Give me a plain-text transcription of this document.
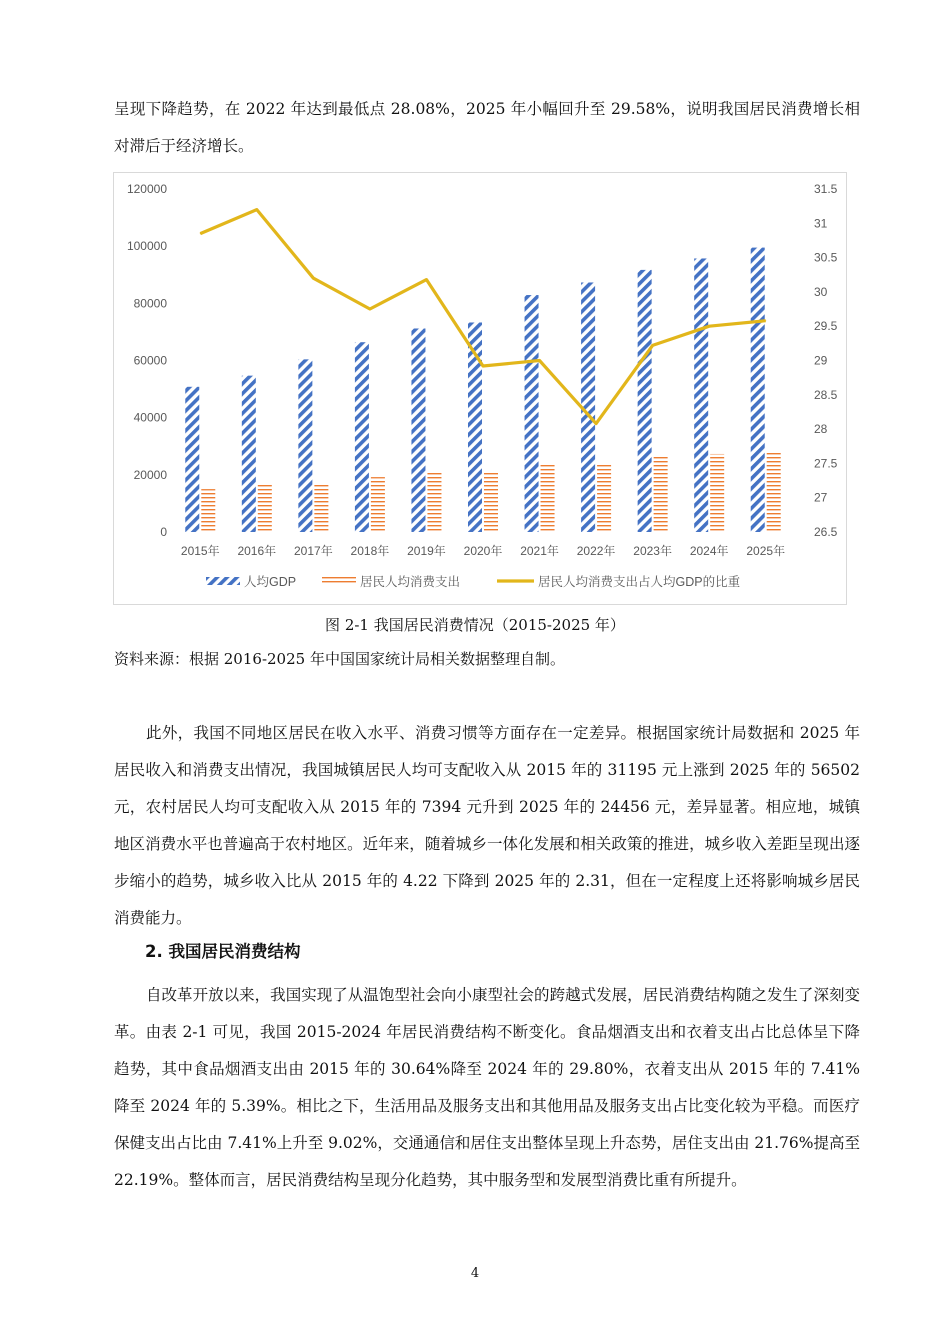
呈现下降趋势，在 2022 年达到最低点 28.08%，2025 年小幅回升至 29.58%，说明我国居民消费增长相对滞后于经济增长。

0
20000
40000
60000
80000
100000
120000
26.5
27
27.5
28
28.5
29
29.5
30
30.5
31
31.5
2015年 2016年 2017年 2018年 2019年 2020年 2021年 2022年 2023年 2024年 2025年
人均GDP	居民人均消费支出	居民人均消费支出占人均GDP的比重
图 2-1 我国居民消费情况（2015-2025 年）
资料来源：根据 2016-2025 年中国国家统计局相关数据整理自制。

此外，我国不同地区居民在收入水平、消费习惯等方面存在一定差异。根据国家统计局数据和 2025 年居民收入和消费支出情况，我国城镇居民人均可支配收入从 2015 年的 31195 元上涨到 2025 年的 56502 元，农村居民人均可支配收入从 2015 年的 7394 元升到 2025 年的 24456 元，差异显著。相应地，城镇地区消费水平也普遍高于农村地区。近年来，随着城乡一体化发展和相关政策的推进，城乡收入差距呈现出逐步缩小的趋势，城乡收入比从 2015 年的 4.22 下降到 2025 年的 2.31，但在一定程度上还将影响城乡居民消费能力。

2. 我国居民消费结构

自改革开放以来，我国实现了从温饱型社会向小康型社会的跨越式发展，居民消费结构随之发生了深刻变革。由表 2-1 可见，我国 2015-2024 年居民消费结构不断变化。食品烟酒支出和衣着支出占比总体呈下降趋势，其中食品烟酒支出由 2015 年的 30.64%降至 2024 年的 29.80%，衣着支出从 2015 年的 7.41%降至 2024 年的 5.39%。相比之下，生活用品及服务支出和其他用品及服务支出占比变化较为平稳。而医疗保健支出占比由 7.41%上升至 9.02%，交通通信和居住支出整体呈现上升态势，居住支出由 21.76%提高至 22.19%。整体而言，居民消费结构呈现分化趋势，其中服务型和发展型消费比重有所提升。

4
